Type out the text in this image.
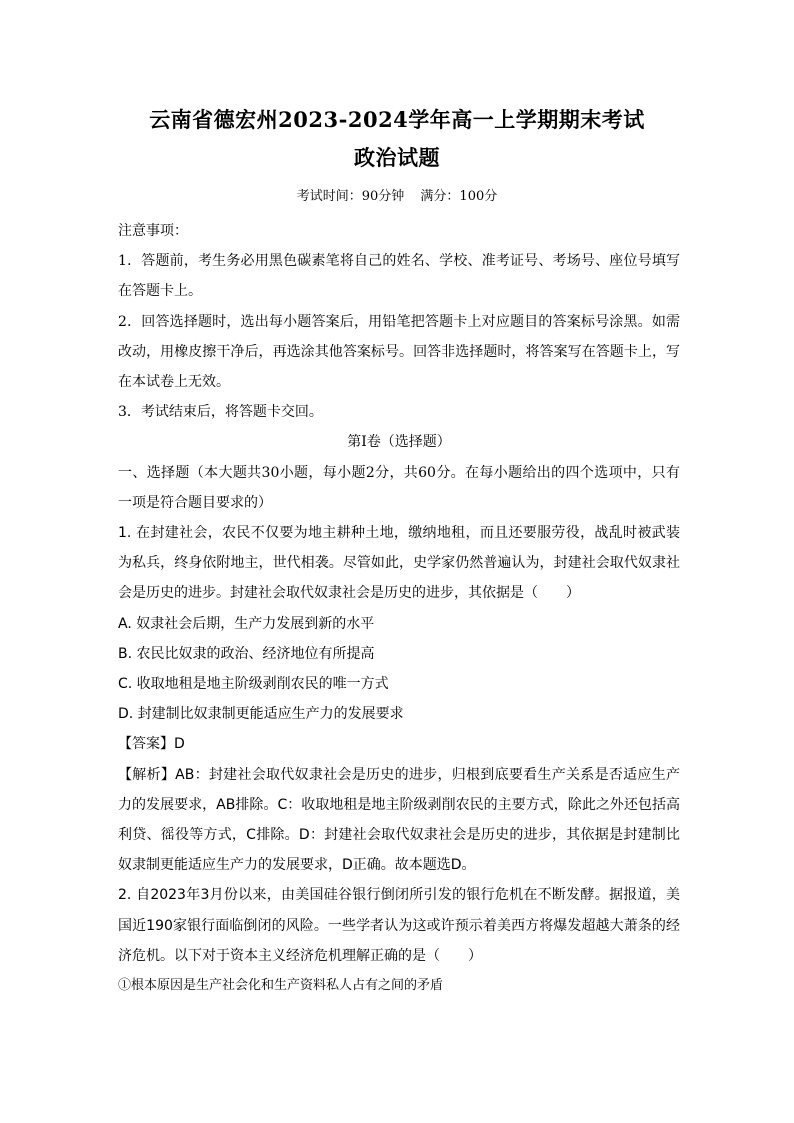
云南省德宏州2023-2024学年高一上学期期末考试
政治试题
考试时间：90分钟 满分：100分

注意事项：

1．答题前，考生务必用黑色碳素笔将自己的姓名、学校、准考证号、考场号、座位号填写在答题卡上。

2．回答选择题时，选出每小题答案后，用铅笔把答题卡上对应题目的答案标号涂黑。如需改动，用橡皮擦干净后，再选涂其他答案标号。回答非选择题时，将答案写在答题卡上，写在本试卷上无效。

3．考试结束后，将答题卡交回。

第Ⅰ卷（选择题）

一、选择题（本大题共30小题，每小题2分，共60分。在每小题给出的四个选项中，只有一项是符合题目要求的）

1. 在封建社会，农民不仅要为地主耕种土地，缴纳地租，而且还要服劳役，战乱时被武装为私兵，终身依附地主，世代相袭。尽管如此，史学家仍然普遍认为，封建社会取代奴隶社会是历史的进步。封建社会取代奴隶社会是历史的进步，其依据是（　　）

A. 奴隶社会后期，生产力发展到新的水平

B. 农民比奴隶的政治、经济地位有所提高

C. 收取地租是地主阶级剥削农民的唯一方式

D. 封建制比奴隶制更能适应生产力的发展要求

【答案】D

【解析】AB：封建社会取代奴隶社会是历史的进步，归根到底要看生产关系是否适应生产力的发展要求，AB排除。C：收取地租是地主阶级剥削农民的主要方式，除此之外还包括高利贷、徭役等方式，C排除。D：封建社会取代奴隶社会是历史的进步，其依据是封建制比奴隶制更能适应生产力的发展要求，D正确。故本题选D。

2. 自2023年3月份以来，由美国硅谷银行倒闭所引发的银行危机在不断发酵。据报道，美国近190家银行面临倒闭的风险。一些学者认为这或许预示着美西方将爆发超越大萧条的经济危机。以下对于资本主义经济危机理解正确的是（　　）

①根本原因是生产社会化和生产资料私人占有之间的矛盾
